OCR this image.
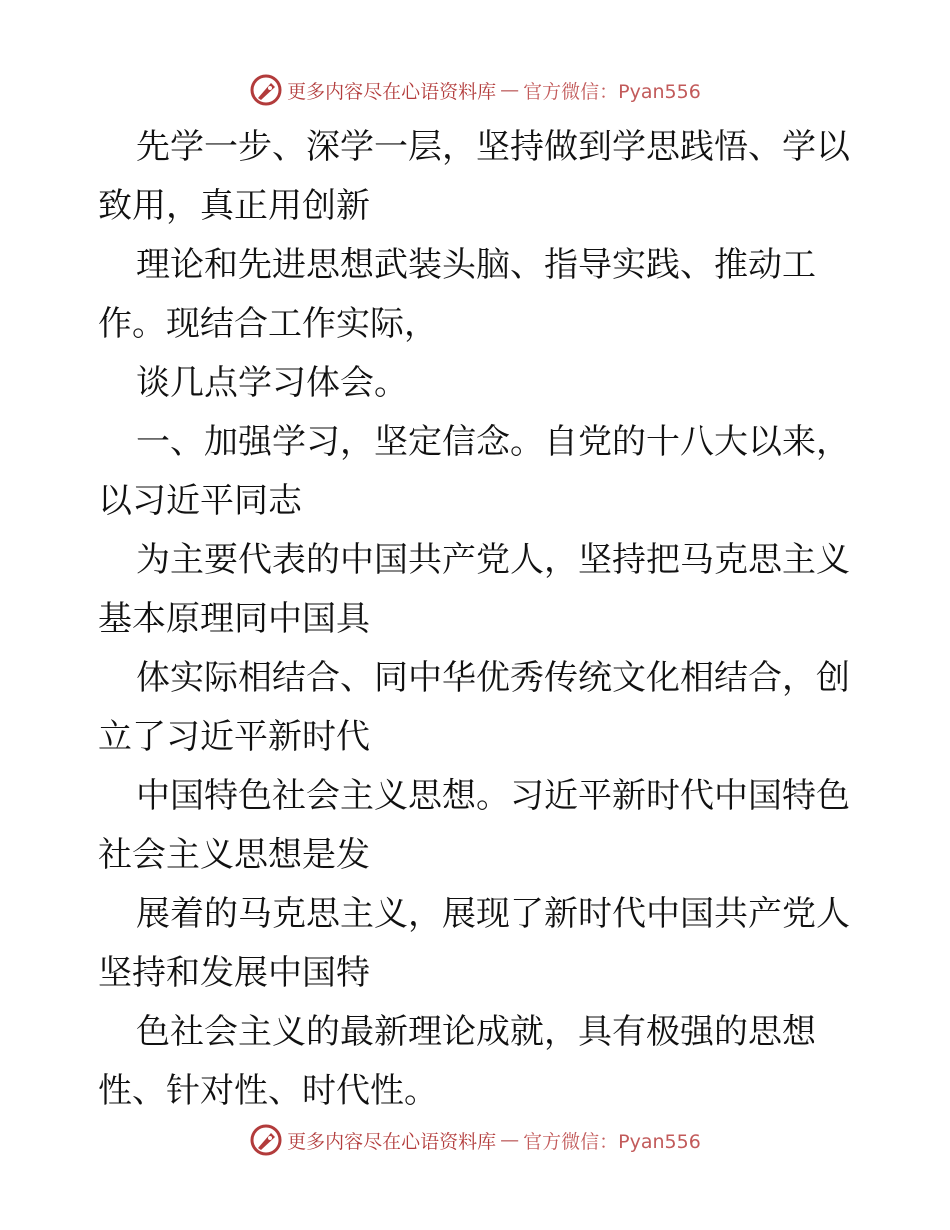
更多内容尽在心语资料库 — 官方微信：Pyan556

先学一步、深学一层，坚持做到学思践悟、学以
致用，真正用创新

理论和先进思想武装头脑、指导实践、推动工
作。现结合工作实际，

谈几点学习体会。

一、加强学习，坚定信念。自党的十八大以来，
以习近平同志

为主要代表的中国共产党人，坚持把马克思主义
基本原理同中国具

体实际相结合、同中华优秀传统文化相结合，创
立了习近平新时代

中国特色社会主义思想。习近平新时代中国特色
社会主义思想是发

展着的马克思主义，展现了新时代中国共产党人
坚持和发展中国特

色社会主义的最新理论成就，具有极强的思想
性、针对性、时代性。

更多内容尽在心语资料库 — 官方微信：Pyan556
